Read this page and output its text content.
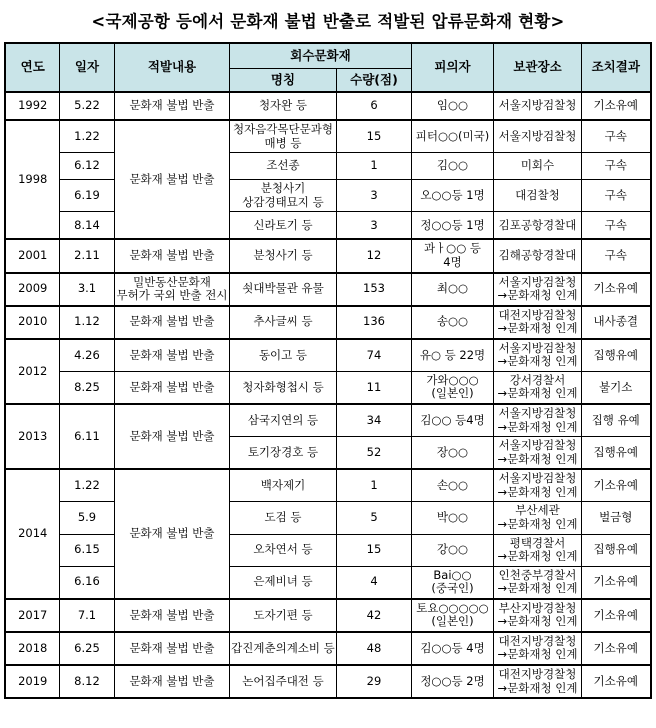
<국제공항 등에서 문화재 불법 반출로 적발된 압류문화재 현황>
연도	일자	적발내용	회수문화재		피의자	보관장소	조치결과
			명칭	수량(점)			
1992	5.22	문화재 불법 반출	청자완 등	6	임○○	서울지방검찰청	기소유예
1998	1.22	문화재 불법 반출	청자음각목단문과형
매병 등	15	피터○○(미국)	서울지방검찰청	구속
	6.12		조선종	1	김○○	미회수	구속
	6.19		분청사기
상감경태묘지 등	3	오○○등 1명	대검찰청	구속
	8.14		신라토기 등	3	정○○등 1명	김포공항경찰대	구속
2001	2.11	문화재 불법 반출	분청사기 등	12	과ㅏ○○ 등 4명	김해공항경찰대	구속
2009	3.1	밀반동산문화재
무허가 국외 반출 전시	쇳대박물관 유물	153	최○○	서울지방검찰청
→문화재청 인계	기소유예
2010	1.12	문화재 불법 반출	추사글씨 등	136	송○○	대전지방검찰청
→문화재청 인계	내사종결
2012	4.26	문화재 불법 반출	동이고 등	74	유○ 등 22명	서울지방검찰청
→문화재청 인계	집행유예
	8.25	문화재 불법 반출	청자화형첩시 등	11	가와○○○
(일본인)	강서경찰서
→문화재청 인계	불기소
2013	6.11	문화재 불법 반출	삼국지연의 등	34	김○○ 등4명	서울지방검찰청
→문화재청 인계	집행 유예
			토기장경호 등	52	장○○	서울지방검찰청
→문화재청 인계	집행유예
2014	1.22	문화재 불법 반출	백자제기	1	손○○	서울지방검찰청
→문화재청 인계	기소유예
	5.9		도검 등	5	박○○	부산세관
→문화재청 인계	벌금형
	6.15		오차연서 등	15	강○○	평택경찰서
→문화재청 인계	집행유예
	6.16		은제비녀 등	4	Bai○○
(중국인)	인천중부경찰서
→문화재청 인계	기소유예
2017	7.1	문화재 불법 반출	도자기편 등	42	토요○○○○○
(일본인)	부산지방경찰청
→문화재청 인계	기소유예
2018	6.25	문화재 불법 반출	갑진계춘의계소비 등	48	김○○등 4명	대전지방경찰청
→문화재청 인계	기소유예
2019	8.12	문화재 불법 반출	논어집주대전 등	29	정○○등 2명	대전지방경찰청
→문화재청 인계	기소유예
